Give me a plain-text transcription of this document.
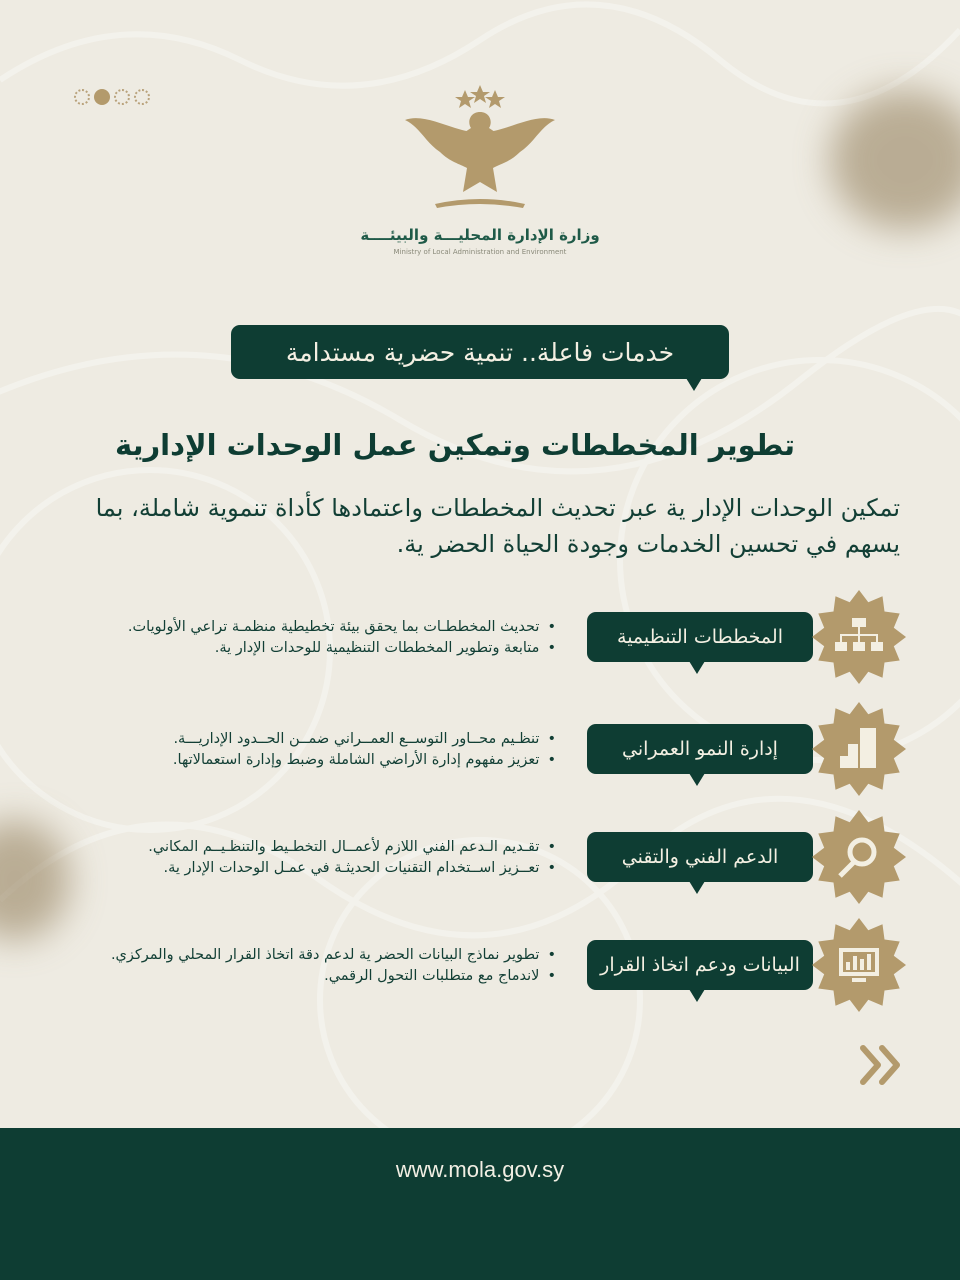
وزارة الإدارة المحليـــة والبيئــــة
Ministry of Local Administration and Environment
خدمات فاعلة.. تنمية حضرية مستدامة
تطوير المخططات وتمكين عمل الوحدات الإدارية
تمكين الوحدات الإدار ية عبر تحديث المخططات واعتمادها كأداة تنموية شاملة، بما يسهم في تحسين الخدمات وجودة الحياة الحضر ية.
المخططات التنظيمية
• تحديث المخططـات بما يحقق بيئة تخطيطية منظمـة تراعي الأولويات.
• متابعة وتطوير المخططات التنظيمية للوحدات الإدار ية.
إدارة النمو العمراني
• تنظـيم محــاور التوســع العمــراني ضمــن الحــدود الإداريـــة.
• تعزيز مفهوم إدارة الأراضي الشاملة وضبط وإدارة استعمالاتها.
الدعم الفني والتقني
• تقـديم الـدعم الفني اللازم لأعمــال التخطـيط والتنظـيــم المكاني.
• تعــزيز اســتخدام التقنيات الحديثـة في عمـل الوحدات الإدار ية.
البيانات ودعم اتخاذ القرار
• تطوير نماذج البيانات الحضر ية لدعم دقة اتخاذ القرار المحلي والمركزي.
• لاندماج مع متطلبات التحول الرقمي.
www.mola.gov.sy
